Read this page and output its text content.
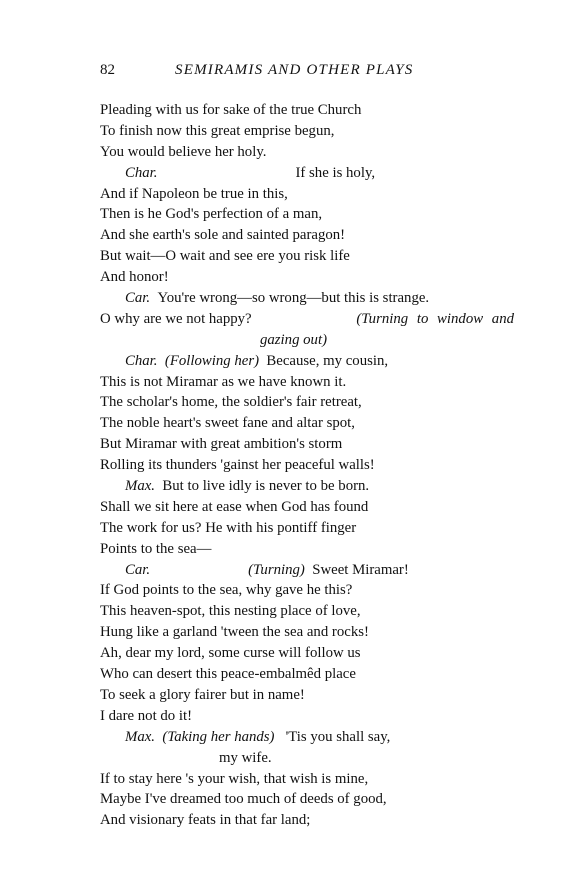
82	SEMIRAMIS AND OTHER PLAYS
Pleading with us for sake of the true Church
To finish now this great emprise begun,
You would believe her holy.
Char.	If she is holy,
And if Napoleon be true in this,
Then is he God's perfection of a man,
And she earth's sole and sainted paragon!
But wait—O wait and see ere you risk life
And honor!
Car. You're wrong—so wrong—but this is strange.
O why are we not happy?	(Turning to window and
gazing out)
Char. (Following her) Because, my cousin,
This is not Miramar as we have known it.
The scholar's home, the soldier's fair retreat,
The noble heart's sweet fane and altar spot,
But Miramar with great ambition's storm
Rolling its thunders 'gainst her peaceful walls!
Max. But to live idly is never to be born.
Shall we sit here at ease when God has found
The work for us? He with his pontiff finger
Points to the sea—
Car.	(Turning) Sweet Miramar!
If God points to the sea, why gave he this?
This heaven-spot, this nesting place of love,
Hung like a garland 'tween the sea and rocks!
Ah, dear my lord, some curse will follow us
Who can desert this peace-embalmêd place
To seek a glory fairer but in name!
I dare not do it!
Max. (Taking her hands) 'Tis you shall say,
my wife.
If to stay here 's your wish, that wish is mine,
Maybe I've dreamed too much of deeds of good,
And visionary feats in that far land;
